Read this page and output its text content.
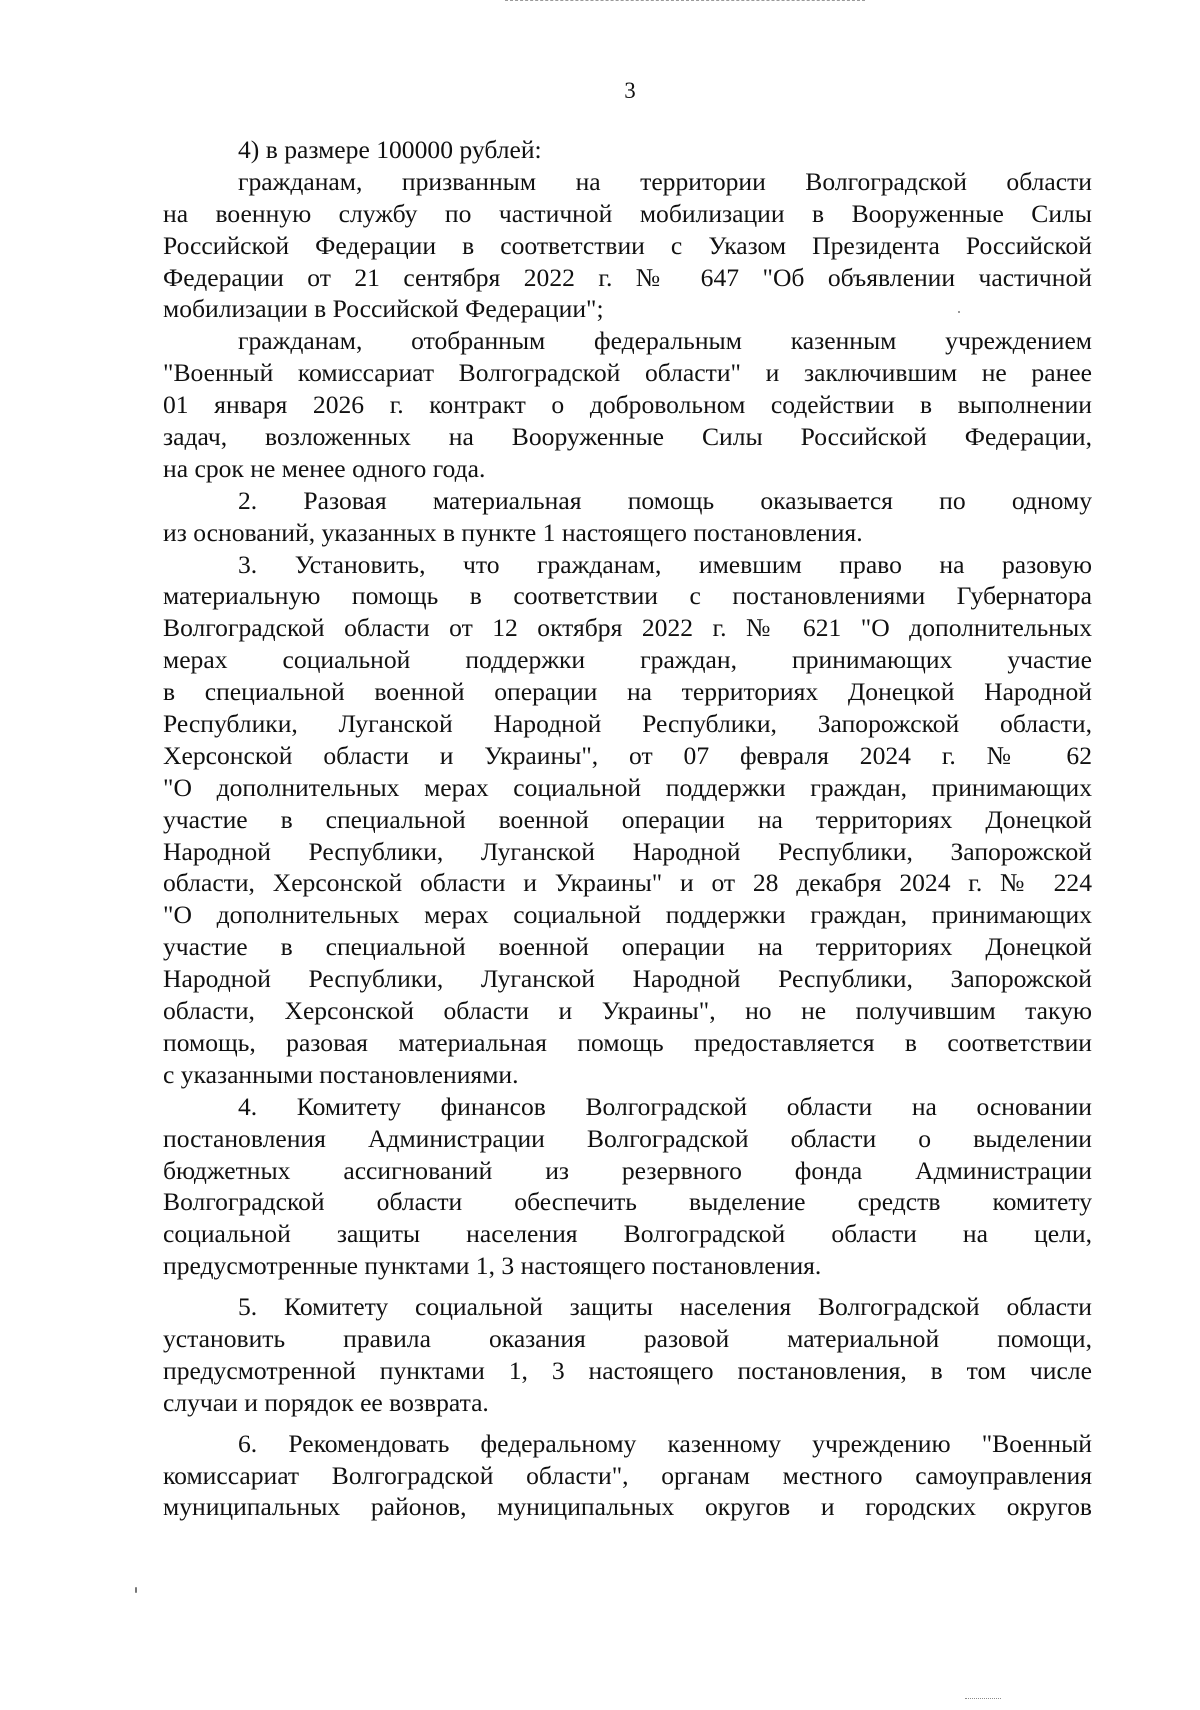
3
4) в размере 100000 рублей:
гражданам, призванным на территории Волгоградской области
на военную службу по частичной мобилизации в Вооруженные Силы
Российской Федерации в соответствии с Указом Президента Российской
Федерации от 21 сентября 2022 г. № 647 "Об объявлении частичной
мобилизации в Российской Федерации";
гражданам, отобранным федеральным казенным учреждением
"Военный комиссариат Волгоградской области" и заключившим не ранее
01 января 2026 г. контракт о добровольном содействии в выполнении
задач, возложенных на Вооруженные Силы Российской Федерации,
на срок не менее одного года.
2. Разовая материальная помощь оказывается по одному
из оснований, указанных в пункте 1 настоящего постановления.
3. Установить, что гражданам, имевшим право на разовую
материальную помощь в соответствии с постановлениями Губернатора
Волгоградской области от 12 октября 2022 г. № 621 "О дополнительных
мерах социальной поддержки граждан, принимающих участие
в специальной военной операции на территориях Донецкой Народной
Республики, Луганской Народной Республики, Запорожской области,
Херсонской области и Украины", от 07 февраля 2024 г. № 62
"О дополнительных мерах социальной поддержки граждан, принимающих
участие в специальной военной операции на территориях Донецкой
Народной Республики, Луганской Народной Республики, Запорожской
области, Херсонской области и Украины" и от 28 декабря 2024 г. № 224
"О дополнительных мерах социальной поддержки граждан, принимающих
участие в специальной военной операции на территориях Донецкой
Народной Республики, Луганской Народной Республики, Запорожской
области, Херсонской области и Украины", но не получившим такую
помощь, разовая материальная помощь предоставляется в соответствии
с указанными постановлениями.
4. Комитету финансов Волгоградской области на основании
постановления Администрации Волгоградской области о выделении
бюджетных ассигнований из резервного фонда Администрации
Волгоградской области обеспечить выделение средств комитету
социальной защиты населения Волгоградской области на цели,
предусмотренные пунктами 1, 3 настоящего постановления.
5. Комитету социальной защиты населения Волгоградской области
установить правила оказания разовой материальной помощи,
предусмотренной пунктами 1, 3 настоящего постановления, в том числе
случаи и порядок ее возврата.
6. Рекомендовать федеральному казенному учреждению "Военный
комиссариат Волгоградской области", органам местного самоуправления
муниципальных районов, муниципальных округов и городских округов
